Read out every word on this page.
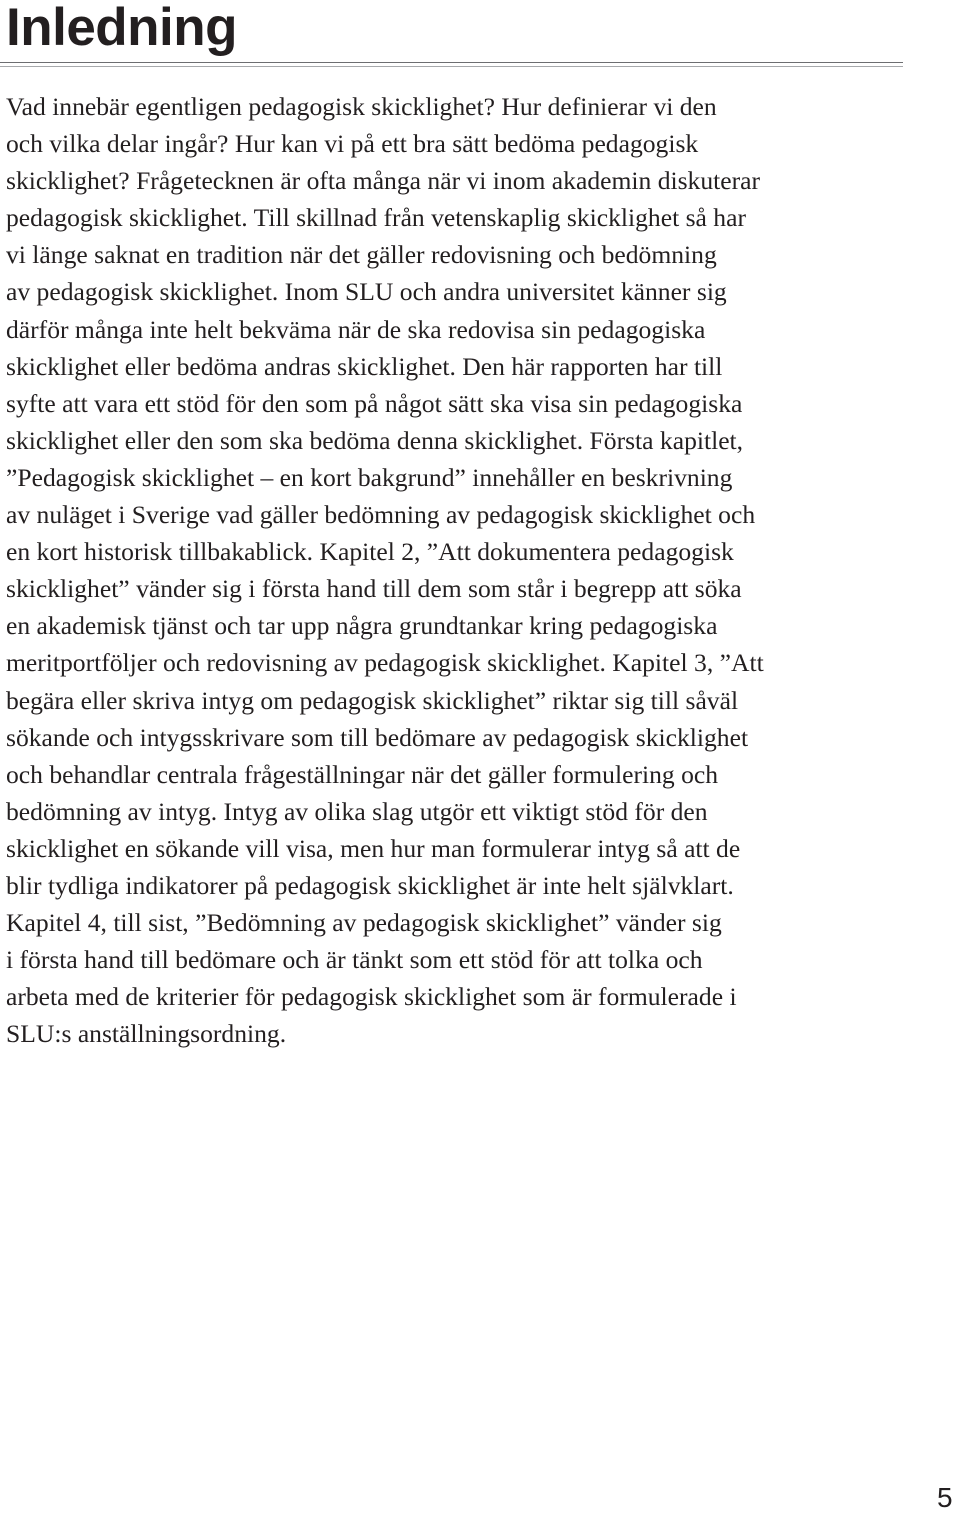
Inledning

Vad innebär egentligen pedagogisk skicklighet? Hur definierar vi den
och vilka delar ingår? Hur kan vi på ett bra sätt bedöma pedagogisk
skicklighet? Frågetecknen är ofta många när vi inom akademin diskuterar
pedagogisk skicklighet. Till skillnad från vetenskaplig skicklighet så har
vi länge saknat en tradition när det gäller redovisning och bedömning
av pedagogisk skicklighet. Inom SLU och andra universitet känner sig
därför många inte helt bekväma när de ska redovisa sin pedagogiska
skicklighet eller bedöma andras skicklighet. Den här rapporten har till
syfte att vara ett stöd för den som på något sätt ska visa sin pedagogiska
skicklighet eller den som ska bedöma denna skicklighet. Första kapitlet,
”Pedagogisk skicklighet – en kort bakgrund” innehåller en beskrivning
av nuläget i Sverige vad gäller bedömning av pedagogisk skicklighet och
en kort historisk tillbakablick. Kapitel 2, ”Att dokumentera pedagogisk
skicklighet” vänder sig i första hand till dem som står i begrepp att söka
en akademisk tjänst och tar upp några grundtankar kring pedagogiska
meritportföljer och redovisning av pedagogisk skicklighet. Kapitel 3, ”Att
begära eller skriva intyg om pedagogisk skicklighet” riktar sig till såväl
sökande och intygsskrivare som till bedömare av pedagogisk skicklighet
och behandlar centrala frågeställningar när det gäller formulering och
bedömning av intyg. Intyg av olika slag utgör ett viktigt stöd för den
skicklighet en sökande vill visa, men hur man formulerar intyg så att de
blir tydliga indikatorer på pedagogisk skicklighet är inte helt självklart.
Kapitel 4, till sist, ”Bedömning av pedagogisk skicklighet” vänder sig
i första hand till bedömare och är tänkt som ett stöd för att tolka och
arbeta med de kriterier för pedagogisk skicklighet som är formulerade i
SLU:s anställningsordning.

5
